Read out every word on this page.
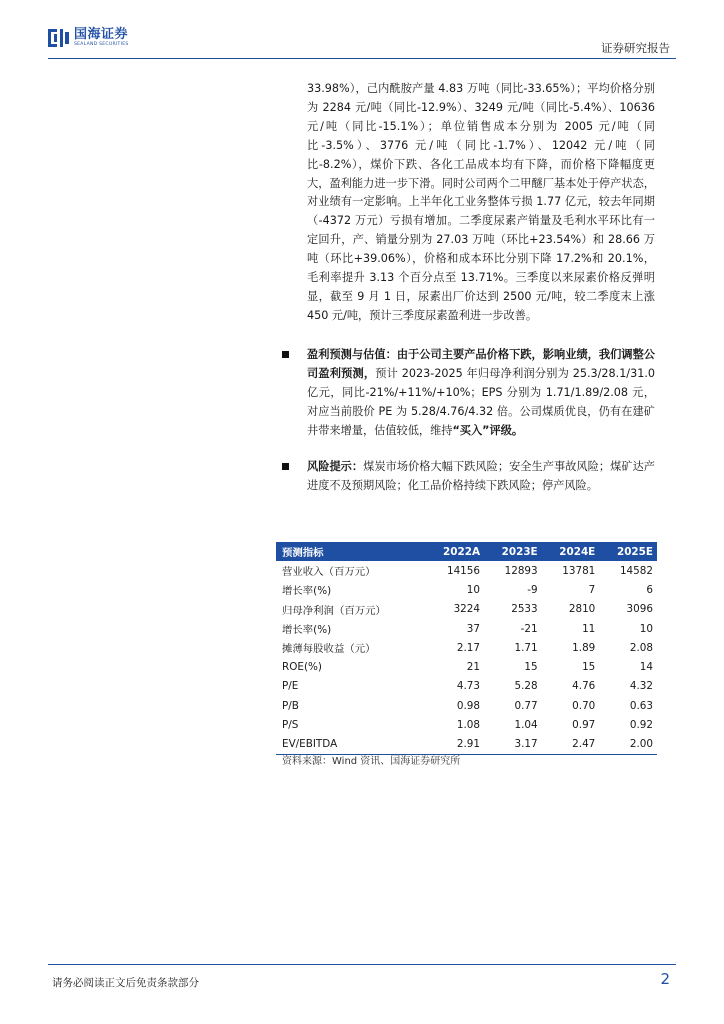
国海证券
SEALAND SECURITIES	证券研究报告
33.98%），己内酰胺产量 4.83 万吨（同比-33.65%）；平均价格分别为 2284 元/吨（同比-12.9%）、3249 元/吨（同比-5.4%）、10636 元/吨（同比-15.1%）；单位销售成本分别为 2005 元/吨（同比-3.5%）、3776 元/吨（同比-1.7%）、12042 元/吨（同比-8.2%），煤价下跌、各化工品成本均有下降，而价格下降幅度更大，盈利能力进一步下滑。同时公司两个二甲醚厂基本处于停产状态，对业绩有一定影响。上半年化工业务整体亏损 1.77 亿元，较去年同期（-4372 万元）亏损有增加。二季度尿素产销量及毛利水平环比有一定回升，产、销量分别为 27.03 万吨（环比+23.54%）和 28.66 万吨（环比+39.06%），价格和成本环比分别下降 17.2%和 20.1%，毛利率提升 3.13 个百分点至 13.71%。三季度以来尿素价格反弹明显，截至 9 月 1 日，尿素出厂价达到 2500 元/吨，较二季度末上涨 450 元/吨，预计三季度尿素盈利进一步改善。
盈利预测与估值：由于公司主要产品价格下跌，影响业绩，我们调整公司盈利预测，预计 2023-2025 年归母净利润分别为 25.3/28.1/31.0 亿元，同比-21%/+11%/+10%；EPS 分别为 1.71/1.89/2.08 元，对应当前股价 PE 为 5.28/4.76/4.32 倍。公司煤质优良，仍有在建矿井带来增量，估值较低，维持“买入”评级。
风险提示：煤炭市场价格大幅下跌风险；安全生产事故风险；煤矿达产进度不及预期风险；化工品价格持续下跌风险；停产风险。
预测指标	2022A	2023E	2024E	2025E
营业收入（百万元）	14156	12893	13781	14582
增长率(%)	10	-9	7	6
归母净利润（百万元）	3224	2533	2810	3096
增长率(%)	37	-21	11	10
摊薄每股收益（元）	2.17	1.71	1.89	2.08
ROE(%)	21	15	15	14
P/E	4.73	5.28	4.76	4.32
P/B	0.98	0.77	0.70	0.63
P/S	1.08	1.04	0.97	0.92
EV/EBITDA	2.91	3.17	2.47	2.00
资料来源：Wind 资讯、国海证券研究所
请务必阅读正文后免责条款部分	2
